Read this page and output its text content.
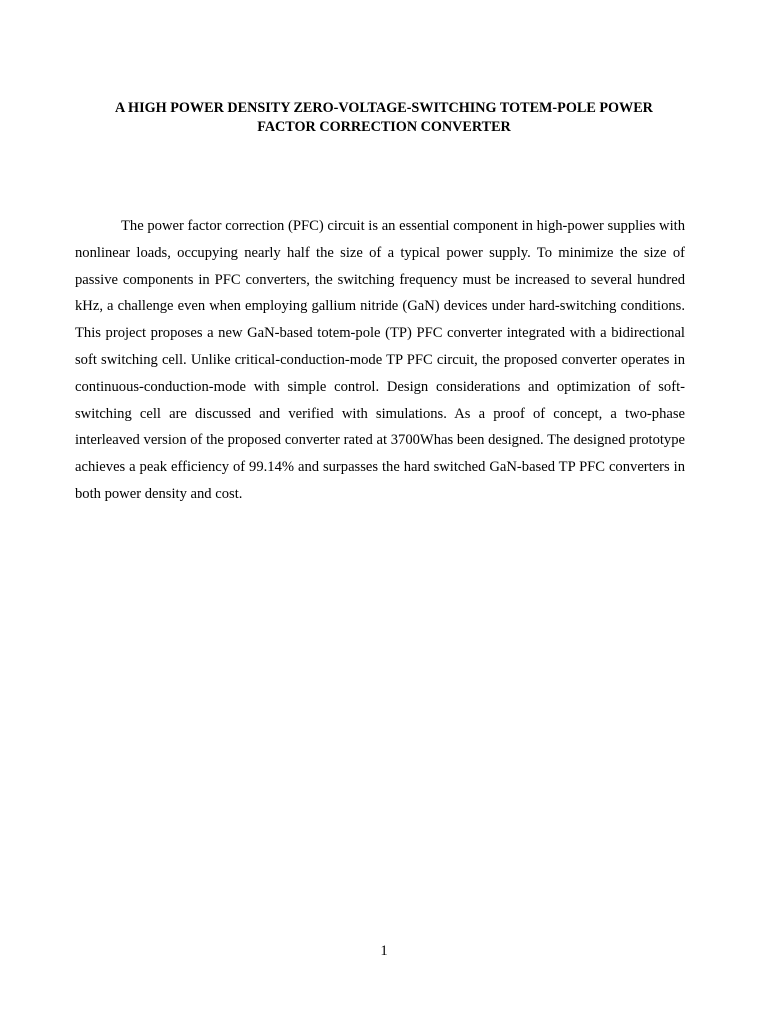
A HIGH POWER DENSITY ZERO-VOLTAGE-SWITCHING TOTEM-POLE POWER
FACTOR CORRECTION CONVERTER

The power factor correction (PFC) circuit is an essential component in high-power supplies with nonlinear loads, occupying nearly half the size of a typical power supply. To minimize the size of passive components in PFC converters, the switching frequency must be increased to several hundred kHz, a challenge even when employing gallium nitride (GaN) devices under hard-switching conditions. This project proposes a new GaN-based totem-pole (TP) PFC converter integrated with a bidirectional soft switching cell. Unlike critical-conduction-mode TP PFC circuit, the proposed converter operates in continuous-conduction-mode with simple control. Design considerations and optimization of soft-switching cell are discussed and verified with simulations. As a proof of concept, a two-phase interleaved version of the proposed converter rated at 3700Whas been designed. The designed prototype achieves a peak efficiency of 99.14% and surpasses the hard switched GaN-based TP PFC converters in both power density and cost.

1
